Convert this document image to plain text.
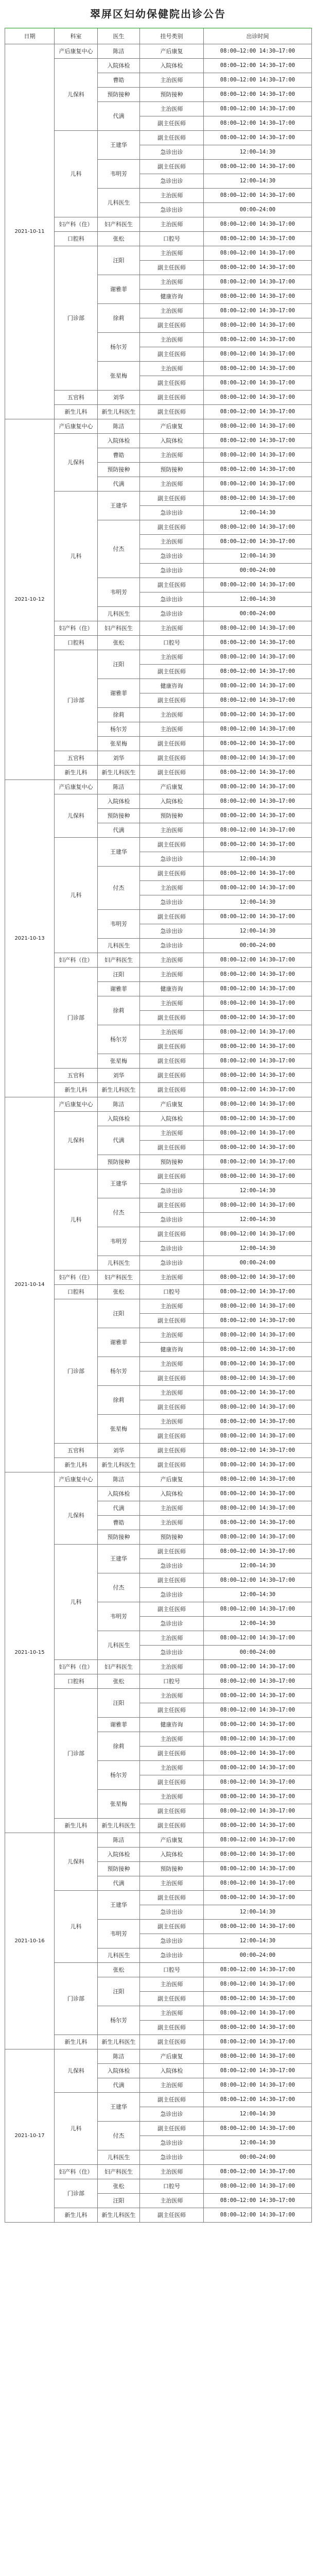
翠屏区妇幼保健院出诊公告
日期	科室	医生	挂号类别	出诊时间
2021-10-11	产后康复中心	陈洁	产后康复	08:00—12:00 14:30—17:00
	儿保科	入院体检	入院体检	08:00—12:00 14:30—17:00
		曹皓	主治医师	08:00—12:00 14:30—17:00
		预防接种	预防接种	08:00—12:00 14:30—17:00
		代满	主治医师	08:00—12:00 14:30—17:00
			副主任医师	08:00—12:00 14:30—17:00
	儿科	王建华	副主任医师	08:00—12:00 14:30—17:00
			急诊出诊	12:00—14:30
		韦明芳	副主任医师	08:00—12:00 14:30—17:00
			急诊出诊	12:00—14:30
		儿科医生	主治医师	08:00—12:00 14:30—17:00
			急诊出诊	00:00—24:00
	妇产科（住）	妇产科医生	主治医师	08:00—12:00 14:30—17:00
	口腔科	张松	口腔号	08:00—12:00 14:30—17:00
	门诊部	汪阳	主治医师	08:00—12:00 14:30—17:00
			副主任医师	08:00—12:00 14:30—17:00
		谢雅菲	主治医师	08:00—12:00 14:30—17:00
			健康咨询	08:00—12:00 14:30—17:00
		徐莉	主治医师	08:00—12:00 14:30—17:00
			副主任医师	08:00—12:00 14:30—17:00
		杨尔芳	主治医师	08:00—12:00 14:30—17:00
			副主任医师	08:00—12:00 14:30—17:00
		张星梅	主治医师	08:00—12:00 14:30—17:00
			副主任医师	08:00—12:00 14:30—17:00
	五官科	刘华	副主任医师	08:00—12:00 14:30—17:00
	新生儿科	新生儿科医生	副主任医师	08:00—12:00 14:30—17:00
2021-10-12	产后康复中心	陈洁	产后康复	08:00—12:00 14:30—17:00
	儿保科	入院体检	入院体检	08:00—12:00 14:30—17:00
		曹皓	主治医师	08:00—12:00 14:30—17:00
		预防接种	预防接种	08:00—12:00 14:30—17:00
		代满	主治医师	08:00—12:00 14:30—17:00
	儿科	王建华	副主任医师	08:00—12:00 14:30—17:00
			急诊出诊	12:00—14:30
		付杰	副主任医师	08:00—12:00 14:30—17:00
			主治医师	08:00—12:00 14:30—17:00
			急诊出诊	12:00—14:30
			急诊出诊	00:00—24:00
		韦明芳	副主任医师	08:00—12:00 14:30—17:00
			急诊出诊	12:00—14:30
		儿科医生	急诊出诊	00:00—24:00
	妇产科（住）	妇产科医生	主治医师	08:00—12:00 14:30—17:00
	口腔科	张松	口腔号	08:00—12:00 14:30—17:00
	门诊部	汪阳	主治医师	08:00—12:00 14:30—17:00
			副主任医师	08:00—12:00 14:30—17:00
		谢雅菲	健康咨询	08:00—12:00 14:30—17:00
			副主任医师	08:00—12:00 14:30—17:00
		徐莉	主治医师	08:00—12:00 14:30—17:00
		杨尔芳	主治医师	08:00—12:00 14:30—17:00
		张星梅	副主任医师	08:00—12:00 14:30—17:00
	五官科	刘华	副主任医师	08:00—12:00 14:30—17:00
	新生儿科	新生儿科医生	副主任医师	08:00—12:00 14:30—17:00
2021-10-13	产后康复中心	陈洁	产后康复	08:00—12:00 14:30—17:00
	儿保科	入院体检	入院体检	08:00—12:00 14:30—17:00
		预防接种	预防接种	08:00—12:00 14:30—17:00
		代满	主治医师	08:00—12:00 14:30—17:00
	儿科	王建华	副主任医师	08:00—12:00 14:30—17:00
			急诊出诊	12:00—14:30
		付杰	副主任医师	08:00—12:00 14:30—17:00
			主治医师	08:00—12:00 14:30—17:00
			急诊出诊	12:00—14:30
		韦明芳	副主任医师	08:00—12:00 14:30—17:00
			急诊出诊	12:00—14:30
		儿科医生	急诊出诊	00:00—24:00
	妇产科（住）	妇产科医生	主治医师	08:00—12:00 14:30—17:00
	门诊部	汪阳	主治医师	08:00—12:00 14:30—17:00
		谢雅菲	健康咨询	08:00—12:00 14:30—17:00
		徐莉	主治医师	08:00—12:00 14:30—17:00
			副主任医师	08:00—12:00 14:30—17:00
		杨尔芳	主治医师	08:00—12:00 14:30—17:00
			副主任医师	08:00—12:00 14:30—17:00
		张星梅	副主任医师	08:00—12:00 14:30—17:00
	五官科	刘华	副主任医师	08:00—12:00 14:30—17:00
	新生儿科	新生儿科医生	副主任医师	08:00—12:00 14:30—17:00
2021-10-14	产后康复中心	陈洁	产后康复	08:00—12:00 14:30—17:00
	儿保科	入院体检	入院体检	08:00—12:00 14:30—17:00
		代满	主治医师	08:00—12:00 14:30—17:00
			副主任医师	08:00—12:00 14:30—17:00
		预防接种	预防接种	08:00—12:00 14:30—17:00
	儿科	王建华	副主任医师	08:00—12:00 14:30—17:00
			急诊出诊	12:00—14:30
		付杰	副主任医师	08:00—12:00 14:30—17:00
			急诊出诊	12:00—14:30
		韦明芳	副主任医师	08:00—12:00 14:30—17:00
			急诊出诊	12:00—14:30
		儿科医生	急诊出诊	00:00—24:00
	妇产科（住）	妇产科医生	主治医师	08:00—12:00 14:30—17:00
	口腔科	张松	口腔号	08:00—12:00 14:30—17:00
	门诊部	汪阳	主治医师	08:00—12:00 14:30—17:00
			副主任医师	08:00—12:00 14:30—17:00
		谢雅菲	主治医师	08:00—12:00 14:30—17:00
			健康咨询	08:00—12:00 14:30—17:00
		杨尔芳	主治医师	08:00—12:00 14:30—17:00
			副主任医师	08:00—12:00 14:30—17:00
		徐莉	主治医师	08:00—12:00 14:30—17:00
			副主任医师	08:00—12:00 14:30—17:00
		张星梅	主治医师	08:00—12:00 14:30—17:00
			副主任医师	08:00—12:00 14:30—17:00
	五官科	刘华	副主任医师	08:00—12:00 14:30—17:00
	新生儿科	新生儿科医生	副主任医师	08:00—12:00 14:30—17:00
2021-10-15	产后康复中心	陈洁	产后康复	08:00—12:00 14:30—17:00
	儿保科	入院体检	入院体检	08:00—12:00 14:30—17:00
		代满	主治医师	08:00—12:00 14:30—17:00
		曹皓	主治医师	08:00—12:00 14:30—17:00
		预防接种	预防接种	08:00—12:00 14:30—17:00
	儿科	王建华	副主任医师	08:00—12:00 14:30—17:00
			急诊出诊	12:00—14:30
		付杰	副主任医师	08:00—12:00 14:30—17:00
			急诊出诊	12:00—14:30
		韦明芳	副主任医师	08:00—12:00 14:30—17:00
			急诊出诊	12:00—14:30
		儿科医生	主治医师	08:00—12:00 14:30—17:00
			急诊出诊	00:00—24:00
	妇产科（住）	妇产科医生	主治医师	08:00—12:00 14:30—17:00
	口腔科	张松	口腔号	08:00—12:00 14:30—17:00
	门诊部	汪阳	主治医师	08:00—12:00 14:30—17:00
			副主任医师	08:00—12:00 14:30—17:00
		谢雅菲	健康咨询	08:00—12:00 14:30—17:00
		徐莉	主治医师	08:00—12:00 14:30—17:00
			副主任医师	08:00—12:00 14:30—17:00
		杨尔芳	主治医师	08:00—12:00 14:30—17:00
			副主任医师	08:00—12:00 14:30—17:00
		张星梅	主治医师	08:00—12:00 14:30—17:00
			副主任医师	08:00—12:00 14:30—17:00
	新生儿科	新生儿科医生	副主任医师	08:00—12:00 14:30—17:00
2021-10-16	儿保科	陈洁	产后康复	08:00—12:00 14:30—17:00
		入院体检	入院体检	08:00—12:00 14:30—17:00
		预防接种	预防接种	08:00—12:00 14:30—17:00
		代满	主治医师	08:00—12:00 14:30—17:00
	儿科	王建华	副主任医师	08:00—12:00 14:30—17:00
			急诊出诊	12:00—14:30
		韦明芳	副主任医师	08:00—12:00 14:30—17:00
			急诊出诊	12:00—14:30
		儿科医生	急诊出诊	00:00—24:00
	门诊部	张松	口腔号	08:00—12:00 14:30—17:00
		汪阳	主治医师	08:00—12:00 14:30—17:00
			副主任医师	08:00—12:00 14:30—17:00
		杨尔芳	主治医师	08:00—12:00 14:30—17:00
			副主任医师	08:00—12:00 14:30—17:00
	新生儿科	新生儿科医生	副主任医师	08:00—12:00 14:30—17:00
2021-10-17	儿保科	陈洁	产后康复	08:00—12:00 14:30—17:00
		入院体检	入院体检	08:00—12:00 14:30—17:00
		代满	主治医师	08:00—12:00 14:30—17:00
	儿科	王建华	副主任医师	08:00—12:00 14:30—17:00
			急诊出诊	12:00—14:30
		付杰	副主任医师	08:00—12:00 14:30—17:00
			急诊出诊	12:00—14:30
		儿科医生	急诊出诊	00:00—24:00
	妇产科（住）	妇产科医生	主治医师	08:00—12:00 14:30—17:00
	门诊部	张松	口腔号	08:00—12:00 14:30—17:00
		汪阳	主治医师	08:00—12:00 14:30—17:00
	新生儿科	新生儿科医生	副主任医师	08:00—12:00 14:30—17:00
